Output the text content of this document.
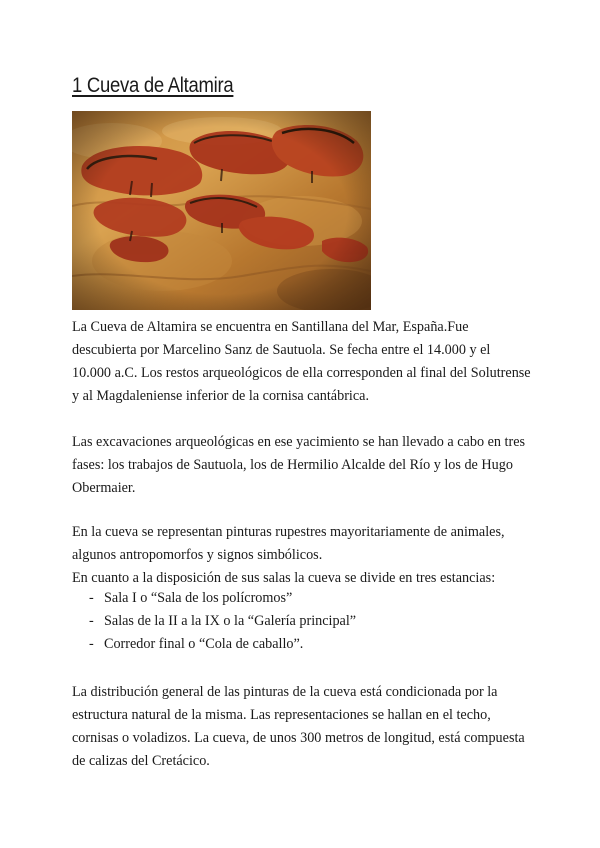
1 Cueva de Altamira

La Cueva de Altamira se encuentra en Santillana del Mar, España.Fue
descubierta por Marcelino Sanz de Sautuola. Se fecha entre el 14.000 y el
10.000 a.C. Los restos arqueológicos de ella corresponden al final del Solutrense
y al Magdaleniense inferior de la cornisa cantábrica.

Las excavaciones arqueológicas en ese yacimiento se han llevado a cabo en tres
fases: los trabajos de Sautuola, los de Hermilio Alcalde del Río y los de Hugo
Obermaier.

En la cueva se representan pinturas rupestres mayoritariamente de animales,
algunos antropomorfos y signos simbólicos.
En cuanto a la disposición de sus salas la cueva se divide en tres estancias:

- Sala I o “Sala de los polícromos”
- Salas de la II a la IX o la “Galería principal”
- Corredor final o “Cola de caballo”.

La distribución general de las pinturas de la cueva está condicionada por la
estructura natural de la misma. Las representaciones se hallan en el techo,
cornisas o voladizos. La cueva, de unos 300 metros de longitud, está compuesta
de calizas del Cretácico.
